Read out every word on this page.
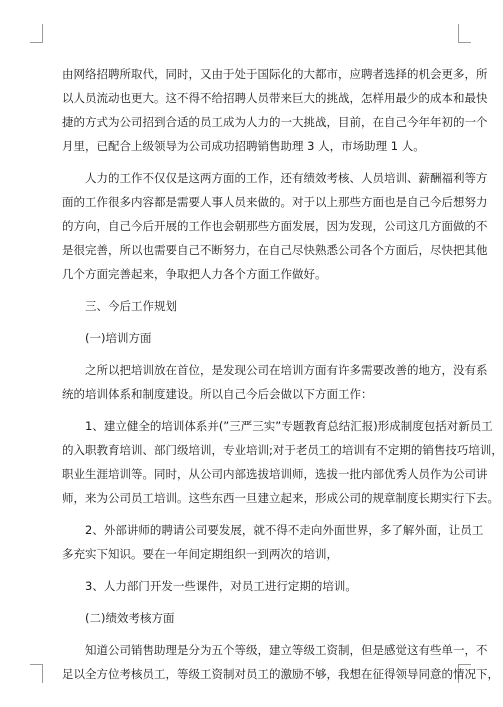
由网络招聘所取代，同时，又由于处于国际化的大都市，应聘者选择的机会更多，所
以人员流动也更大。这不得不给招聘人员带来巨大的挑战，怎样用最少的成本和最快
捷的方式为公司招到合适的员工成为人力的一大挑战，目前，在自己今年年初的一个
月里，已配合上级领导为公司成功招聘销售助理 3 人，市场助理 1 人。
人力的工作不仅仅是这两方面的工作，还有绩效考核、人员培训、薪酬福利等方
面的工作很多内容都是需要人事人员来做的。对于以上那些方面也是自己今后想努力
的方向，自己今后开展的工作也会朝那些方面发展，因为发现，公司这几方面做的不
是很完善，所以也需要自己不断努力，在自己尽快熟悉公司各个方面后，尽快把其他
几个方面完善起来，争取把人力各个方面工作做好。
三、今后工作规划
(一)培训方面
之所以把培训放在首位，是发现公司在培训方面有许多需要改善的地方，没有系
统的培训体系和制度建设。所以自己今后会做以下方面工作：
1、建立健全的培训体系并(”三严三实”专题教育总结汇报)形成制度包括对新员工
的入职教育培训、部门级培训，专业培训;对于老员工的培训有不定期的销售技巧培训，
职业生涯培训等。同时，从公司内部选拔培训师，选拔一批内部优秀人员作为公司讲
师，来为公司员工培训。这些东西一旦建立起来，形成公司的规章制度长期实行下去。
2、外部讲师的聘请公司要发展，就不得不走向外面世界，多了解外面，让员工
多充实下知识。要在一年间定期组织一到两次的培训，
3、人力部门开发一些课件，对员工进行定期的培训。
(二)绩效考核方面
知道公司销售助理是分为五个等级，建立等级工资制，但是感觉这有些单一，不
足以全方位考核员工，等级工资制对员工的激励不够，我想在征得领导同意的情况下，
